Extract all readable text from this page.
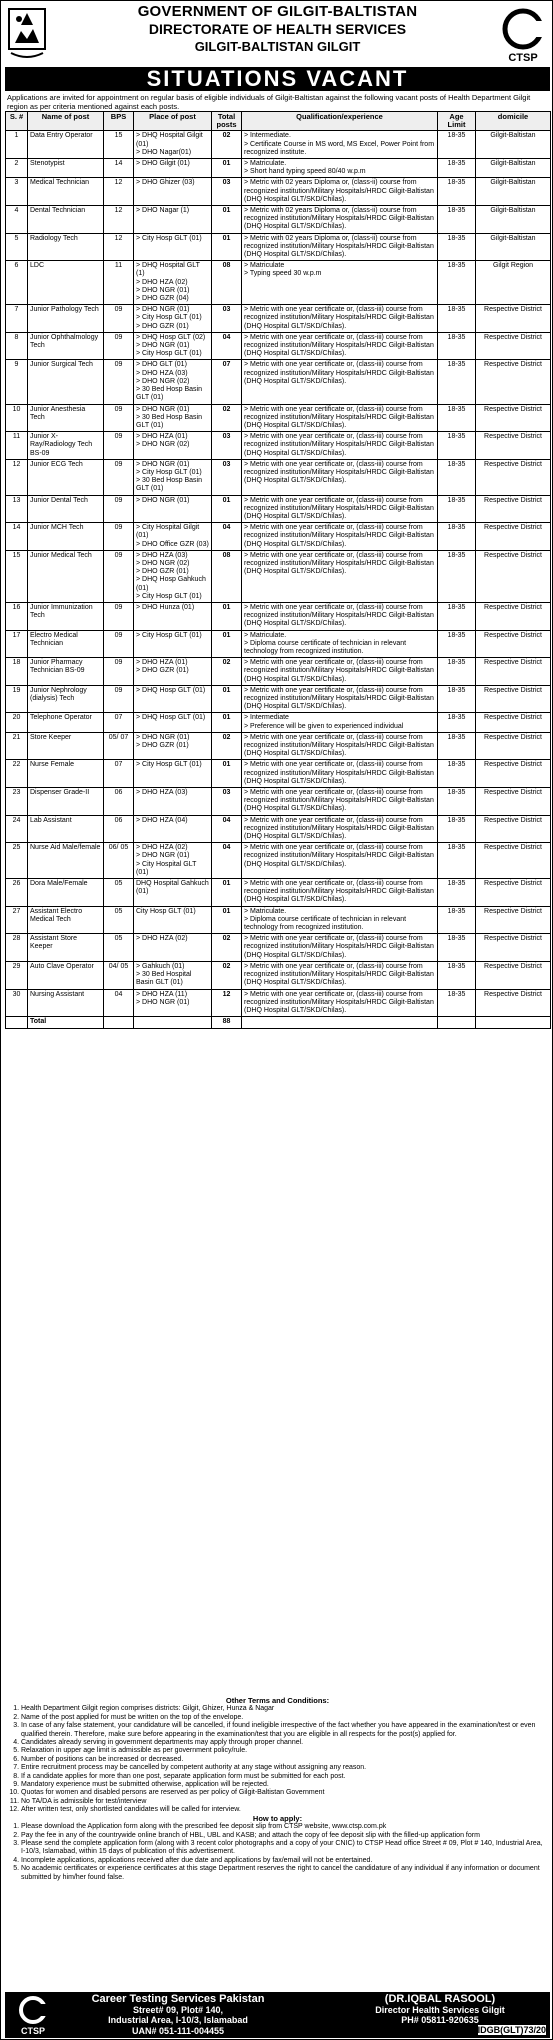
GOVERNMENT OF GILGIT-BALTISTAN
DIRECTORATE OF HEALTH SERVICES
GILGIT-BALTISTAN GILGIT
CTSP
SITUATIONS VACANT
Applications are invited for appointment on regular basis of eligible individuals of Gilgit-Baltistan against the following vacant posts of Health Department Gilgit region as per criteria mentioned against each posts.
S. #	Name of post	BPS	Place of post	Total posts	Qualification/experience	Age Limit	domicile
1	Data Entry Operator	15	> DHQ Hospital Gilgit (01)
> DHO Nagar(01)	02	> Intermediate.
> Certificate Course in MS word, MS Excel, Power Point from recognized institute.	18-35	Gilgit-Baltistan
2	Stenotypist	14	> DHO Gilgit (01)	01	> Matriculate.
> Short hand typing speed 80/40 w.p.m	18-35	Gilgit-Baltistan
3	Medical Technician	12	> DHO Ghizer (03)	03	> Metric with 02 years Diploma or, (class-ii) course from recognized institution/Military Hospitals/HRDC Gilgit-Baltistan (DHQ Hospital GLT/SKD/Chilas).	18-35	Gilgit-Baltistan
4	Dental Technician	12	> DHO Nagar (1)	01	> Metric with 02 years Diploma or, (class-ii) course from recognized institution/Military Hospitals/HRDC Gilgit-Baltistan (DHQ Hospital GLT/SKD/Chilas).	18-35	Gilgit-Baltistan
5	Radiology Tech	12	> City Hosp GLT (01)	01	> Metric with 02 years Diploma or, (class-ii) course from recognized institution/Military Hospitals/HRDC Gilgit-Baltistan (DHQ Hospital GLT/SKD/Chilas).	18-35	Gilgit-Baltistan
6	LDC	11	> DHQ Hospital GLT (1)
> DHO HZA (02)
> DHO NGR (01)
> DHO GZR (04)	08	> Matriculate
> Typing speed 30 w.p.m	18-35	Gilgit Region
7	Junior Pathology Tech	09	> DHO NGR (01)
> City Hosp GLT (01)
> DHO GZR (01)	03	> Metric with one year certificate or, (class-iii) course from recognized institution/Military Hospitals/HRDC Gilgit-Baltistan (DHQ Hospital GLT/SKD/Chilas).	18-35	Respective District
8	Junior Ophthalmology Tech	09	> DHQ Hosp GLT (02)
> DHO NGR (01)
> City Hosp GLT (01)	04	> Metric with one year certificate or, (class-iii) course from recognized institution/Military Hospitals/HRDC Gilgit-Baltistan (DHQ Hospital GLT/SKD/Chilas).	18-35	Respective District
9	Junior Surgical Tech	09	> DHO GLT (01)
> DHO HZA (03)
> DHO NGR (02)
> 30 Bed Hosp Basin GLT (01)	07	> Metric with one year certificate or, (class-iii) course from recognized institution/Military Hospitals/HRDC Gilgit-Baltistan (DHQ Hospital GLT/SKD/Chilas).	18-35	Respective District
10	Junior Anesthesia Tech	09	> DHO NGR (01)
> 30 Bed Hosp Basin GLT (01)	02	> Metric with one year certificate or, (class-iii) course from recognized institution/Military Hospitals/HRDC Gilgit-Baltistan (DHQ Hospital GLT/SKD/Chilas).	18-35	Respective District
11	Junior X-Ray/Radiology Tech BS-09	09	> DHO HZA (01)
> DHO NGR (02)	03	> Metric with one year certificate or, (class-iii) course from recognized institution/Military Hospitals/HRDC Gilgit-Baltistan (DHQ Hospital GLT/SKD/Chilas).	18-35	Respective District
12	Junior ECG Tech	09	> DHO NGR (01)
> City Hosp GLT (01)
> 30 Bed Hosp Basin GLT (01)	03	> Metric with one year certificate or, (class-iii) course from recognized institution/Military Hospitals/HRDC Gilgit-Baltistan (DHQ Hospital GLT/SKD/Chilas).	18-35	Respective District
13	Junior Dental Tech	09	> DHO NGR (01)	01	> Metric with one year certificate or, (class-iii) course from recognized institution/Military Hospitals/HRDC Gilgit-Baltistan (DHQ Hospital GLT/SKD/Chilas).	18-35	Respective District
14	Junior MCH Tech	09	> City Hospital Gilgit (01)
> DHO Office GZR (03)	04	> Metric with one year certificate or, (class-iii) course from recognized institution/Military Hospitals/HRDC Gilgit-Baltistan (DHQ Hospital GLT/SKD/Chilas).	18-35	Respective District
15	Junior Medical Tech	09	> DHO HZA (03)
> DHO NGR (02)
> DHO GZR (01)
> DHQ Hosp Gahkuch (01)
> City Hosp GLT (01)	08	> Metric with one year certificate or, (class-iii) course from recognized institution/Military Hospitals/HRDC Gilgit-Baltistan (DHQ Hospital GLT/SKD/Chilas).	18-35	Respective District
16	Junior Immunization Tech	09	> DHO Hunza (01)	01	> Metric with one year certificate or, (class-iii) course from recognized institution/Military Hospitals/HRDC Gilgit-Baltistan (DHQ Hospital GLT/SKD/Chilas).	18-35	Respective District
17	Electro Medical Technician	09	> City Hosp GLT (01)	01	> Matriculate.
> Diploma course certificate of technician in relevant technology from recognized institution.	18-35	Respective District
18	Junior Pharmacy Technician BS-09	09	> DHO HZA (01)
> DHO GZR (01)	02	> Metric with one year certificate or, (class-iii) course from recognized institution/Military Hospitals/HRDC Gilgit-Baltistan (DHQ Hospital GLT/SKD/Chilas).	18-35	Respective District
19	Junior Nephrology (dialysis) Tech	09	> DHQ Hosp GLT (01)	01	> Metric with one year certificate or, (class-iii) course from recognized institution/Military Hospitals/HRDC Gilgit-Baltistan (DHQ Hospital GLT/SKD/Chilas).	18-35	Respective District
20	Telephone Operator	07	> DHQ Hosp GLT (01)	01	> Intermediate
> Preference will be given to experienced individual	18-35	Respective District
21	Store Keeper	05/ 07	> DHO NGR (01)
> DHO GZR (01)	02	> Metric with one year certificate or, (class-iii) course from recognized institution/Military Hospitals/HRDC Gilgit-Baltistan (DHQ Hospital GLT/SKD/Chilas).	18-35	Respective District
22	Nurse Female	07	> City Hosp GLT (01)	01	> Metric with one year certificate or, (class-iii) course from recognized institution/Military Hospitals/HRDC Gilgit-Baltistan (DHQ Hospital GLT/SKD/Chilas).	18-35	Respective District
23	Dispenser Grade-II	06	> DHO HZA (03)	03	> Metric with one year certificate or, (class-iii) course from recognized institution/Military Hospitals/HRDC Gilgit-Baltistan (DHQ Hospital GLT/SKD/Chilas).	18-35	Respective District
24	Lab Assistant	06	> DHO HZA (04)	04	> Metric with one year certificate or, (class-iii) course from recognized institution/Military Hospitals/HRDC Gilgit-Baltistan (DHQ Hospital GLT/SKD/Chilas).	18-35	Respective District
25	Nurse Aid Male/female	06/ 05	> DHO HZA (02)
> DHO NGR (01)
> City Hospital GLT (01)	04	> Metric with one year certificate or, (class-iii) course from recognized institution/Military Hospitals/HRDC Gilgit-Baltistan (DHQ Hospital GLT/SKD/Chilas).	18-35	Respective District
26	Dora Male/Female	05	DHQ Hospital Gahkuch (01)	01	> Metric with one year certificate or, (class-iii) course from recognized institution/Military Hospitals/HRDC Gilgit-Baltistan (DHQ Hospital GLT/SKD/Chilas).	18-35	Respective District
27	Assistant Electro Medical Tech	05	City Hosp GLT (01)	01	> Matriculate.
> Diploma course certificate of technician in relevant technology from recognized institution.	18-35	Respective District
28	Assistant Store Keeper	05	> DHO HZA (02)	02	> Metric with one year certificate or, (class-iii) course from recognized institution/Military Hospitals/HRDC Gilgit-Baltistan (DHQ Hospital GLT/SKD/Chilas).	18-35	Respective District
29	Auto Clave Operator	04/ 05	> Gahkuch (01)
> 30 Bed Hospital Basin GLT (01)	02	> Metric with one year certificate or, (class-iii) course from recognized institution/Military Hospitals/HRDC Gilgit-Baltistan (DHQ Hospital GLT/SKD/Chilas).	18-35	Respective District
30	Nursing Assistant	04	> DHO HZA (11)
> DHO NGR (01)	12	> Metric with one year certificate or, (class-iii) course from recognized institution/Military Hospitals/HRDC Gilgit-Baltistan (DHQ Hospital GLT/SKD/Chilas).	18-35	Respective District
	Total			88			
Other Terms and Conditions:
1. Health Department Gilgit region comprises districts: Gilgit, Ghizer, Hunza & Nagar
2. Name of the post applied for must be written on the top of the envelope.
3. In case of any false statement, your candidature will be cancelled, if found ineligible irrespective of the fact whether you have appeared in the examination/test or even qualified therein. Therefore, make sure before appearing in the examination/test that you are eligible in all respects for the post(s) applied for.
4. Candidates already serving in government departments may apply through proper channel.
5. Relaxation in upper age limit is admissible as per government policy/rule.
6. Number of positions can be increased or decreased.
7. Entire recruitment process may be cancelled by competent authority at any stage without assigning any reason.
8. If a candidate applies for more than one post, separate application form must be submitted for each post.
9. Mandatory experience must be submitted otherwise, application will be rejected.
10. Quotas for women and disabled persons are reserved as per policy of Gilgit-Baltistan Government
11. No TA/DA is admissible for test/interview
12. After written test, only shortlisted candidates will be called for interview.
How to apply:
1. Please download the Application form along with the prescribed fee deposit slip from CTSP website, www.ctsp.com.pk
2. Pay the fee in any of the countrywide online branch of HBL, UBL and KASB; and attach the copy of fee deposit slip with the filled-up application form
3. Please send the complete application form (along with 3 recent color photographs and a copy of your CNIC) to CTSP Head office Street # 09, Plot # 140, Industrial Area, I-10/3, Islamabad, within 15 days of publication of this advertisement.
4. Incomplete applications, applications received after due date and applications by fax/email will not be entertained.
5. No academic certificates or experience certificates at this stage Department reserves the right to cancel the candidature of any individual if any information or document submitted by him/her found false.
CTSP
Career Testing Services Pakistan
Street# 09, Plot# 140,
Industrial Area, I-10/3, Islamabad
UAN# 051-111-004455
(DR.IQBAL RASOOL)
Director Health Services Gilgit
PH# 05811-920635
IDGB(GLT)73/20
